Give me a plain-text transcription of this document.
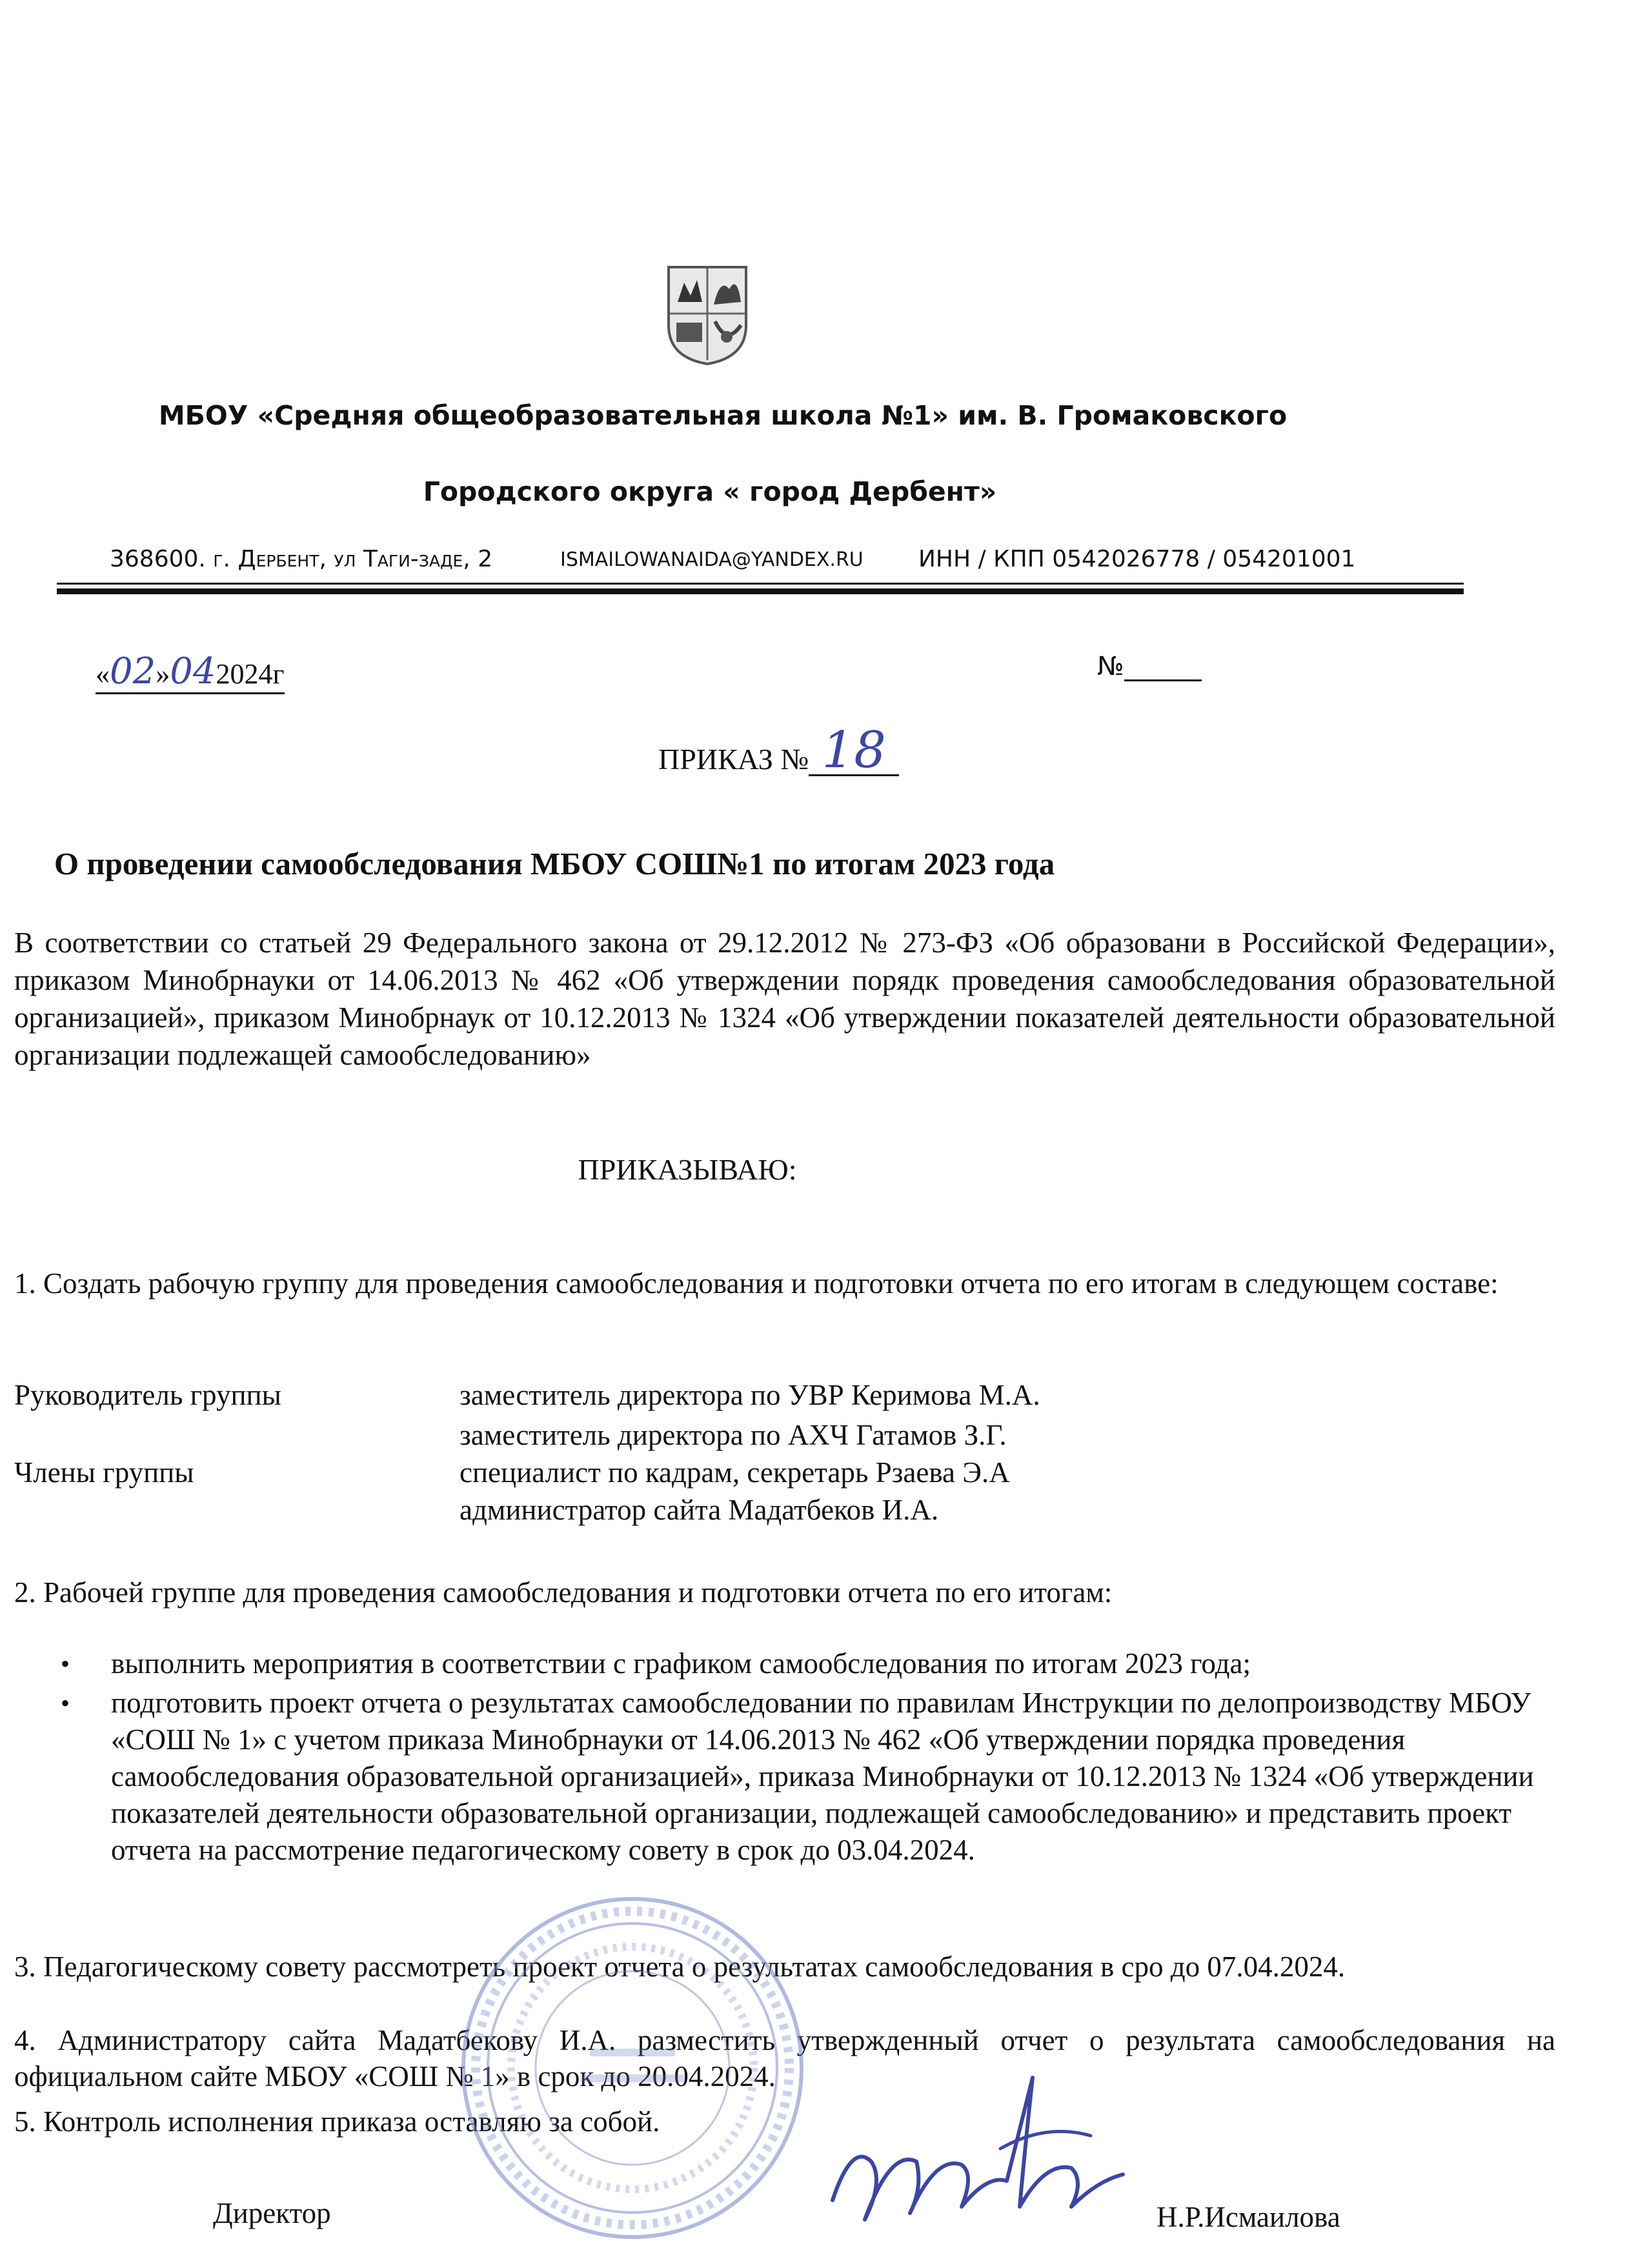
МБОУ «Средняя общеобразовательная школа №1» им. В. Громаковского
Городского округа « город Дербент»
368600. г. Дербент, ул Таги-заде, 2	ISMAILOWANAIDA@YANDEX.RU ИНН / КПП 0542026778 / 054201001
«02»042024г	№
ПРИКАЗ № 18
О проведении самообследования МБОУ СОШ№1 по итогам 2023 года
В соответствии со статьей 29 Федерального закона от 29.12.2012 № 273-ФЗ «Об образовани в Российской Федерации», приказом Минобрнауки от 14.06.2013 № 462 «Об утверждении порядк проведения самообследования образовательной организацией», приказом Минобрнаук от 10.12.2013 № 1324 «Об утверждении показателей деятельности образовательной организации подлежащей самообследованию»
ПРИКАЗЫВАЮ:
1. Создать рабочую группу для проведения самообследования и подготовки отчета по его итогам в следующем составе:
Руководитель группы	заместитель директора по УВР Керимова М.А.
заместитель директора по АХЧ Гатамов З.Г.
Члены группы	специалист по кадрам, секретарь Рзаева Э.А
администратор сайта Мадатбеков И.А.
2. Рабочей группе для проведения самообследования и подготовки отчета по его итогам:
• выполнить мероприятия в соответствии с графиком самообследования по итогам 2023 года;
• подготовить проект отчета о результатах самообследовании по правилам Инструкции по делопроизводству МБОУ «СОШ № 1» с учетом приказа Минобрнауки от 14.06.2013 № 462 «Об утверждении порядка проведения самообследования образовательной организацией», приказа Минобрнауки от 10.12.2013 № 1324 «Об утверждении показателей деятельности образовательной организации, подлежащей самообследованию» и представить проект отчета на рассмотрение педагогическому совету в срок до 03.04.2024.
3. Педагогическому совету рассмотреть проект отчета о результатах самообследования в сро до 07.04.2024.
4. Администратору сайта Мадатбекову И.А. разместить утвержденный отчет о результата самообследования на официальном сайте МБОУ «СОШ № 1» в срок до 20.04.2024.
5. Контроль исполнения приказа оставляю за собой.
Директор	Н.Р.Исмаилова
